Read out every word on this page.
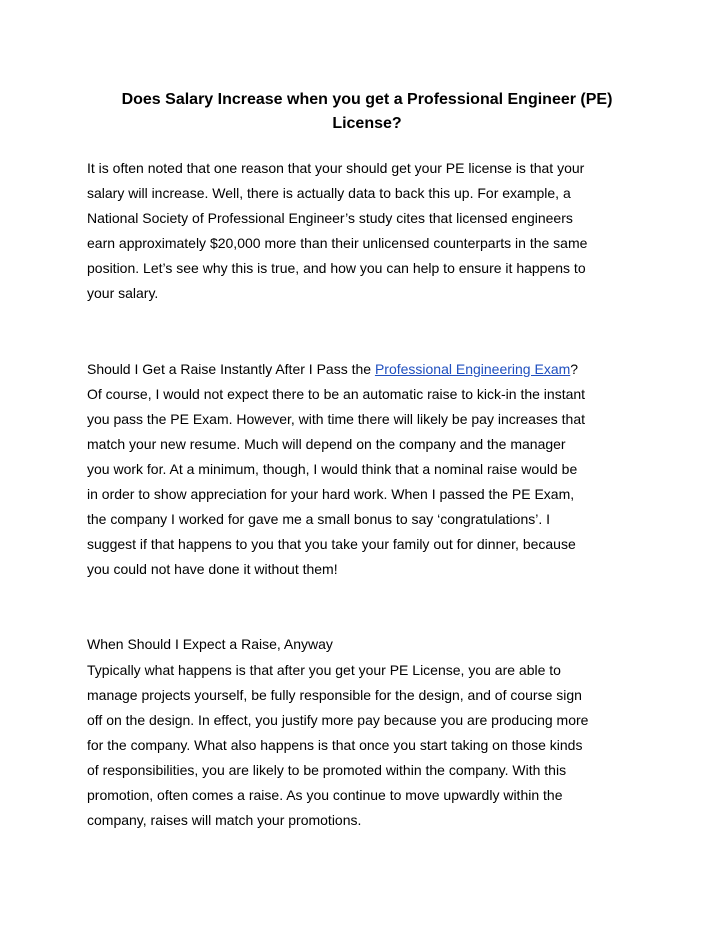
Does Salary Increase when you get a Professional Engineer (PE)
License?
It is often noted that one reason that your should get your PE license is that your
salary will increase. Well, there is actually data to back this up. For example, a
National Society of Professional Engineer’s study cites that licensed engineers
earn approximately $20,000 more than their unlicensed counterparts in the same
position. Let’s see why this is true, and how you can help to ensure it happens to
your salary.
Should I Get a Raise Instantly After I Pass the Professional Engineering Exam?
Of course, I would not expect there to be an automatic raise to kick-in the instant
you pass the PE Exam. However, with time there will likely be pay increases that
match your new resume. Much will depend on the company and the manager
you work for. At a minimum, though, I would think that a nominal raise would be
in order to show appreciation for your hard work. When I passed the PE Exam,
the company I worked for gave me a small bonus to say ‘congratulations’. I
suggest if that happens to you that you take your family out for dinner, because
you could not have done it without them!
When Should I Expect a Raise, Anyway
Typically what happens is that after you get your PE License, you are able to
manage projects yourself, be fully responsible for the design, and of course sign
off on the design. In effect, you justify more pay because you are producing more
for the company. What also happens is that once you start taking on those kinds
of responsibilities, you are likely to be promoted within the company. With this
promotion, often comes a raise. As you continue to move upwardly within the
company, raises will match your promotions.
